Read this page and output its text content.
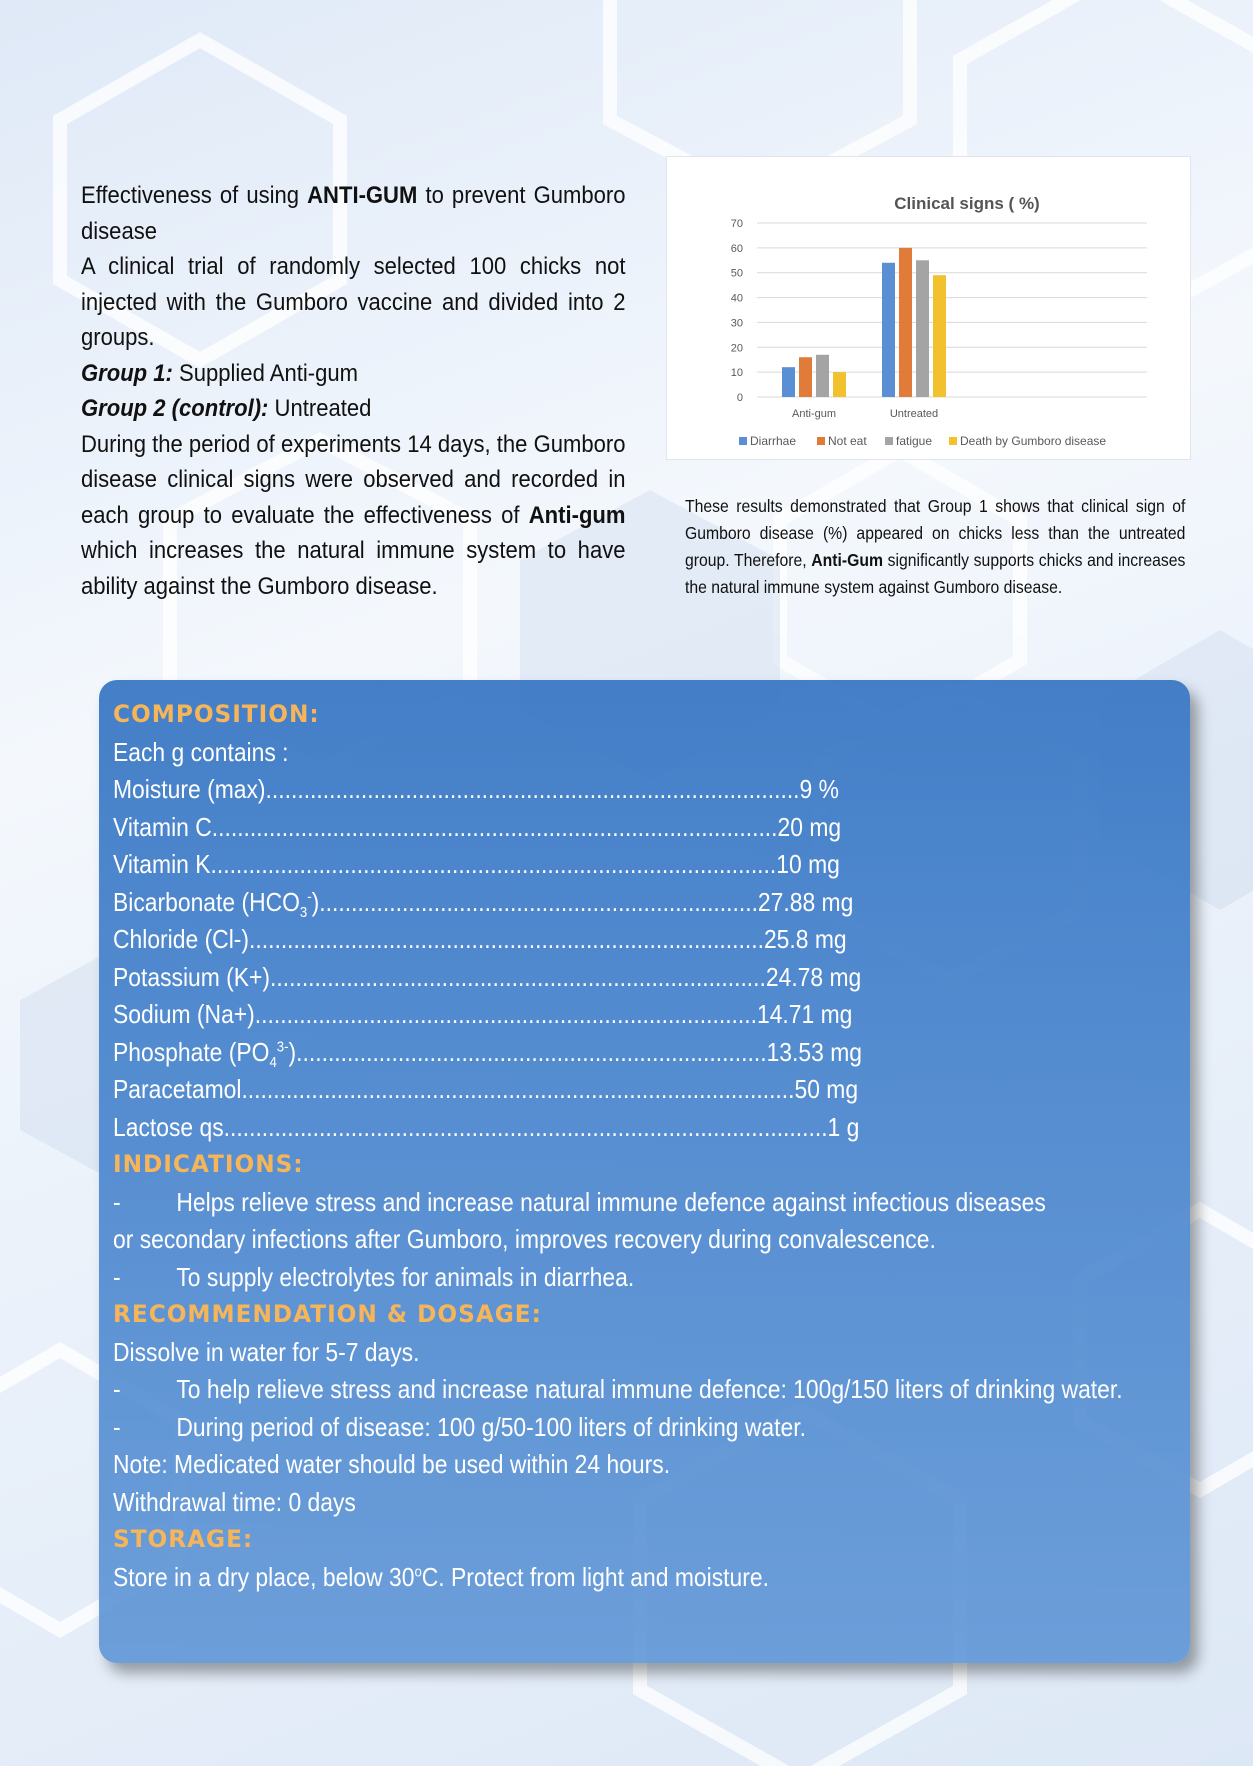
Effectiveness of using ANTI-GUM to prevent Gumboro disease

A clinical trial of randomly selected 100 chicks not injected with the Gumboro vaccine and divided into 2 groups.

Group 1: Supplied Anti-gum

Group 2 (control): Untreated

During the period of experiments 14 days, the Gumboro disease clinical signs were observed and recorded in each group to evaluate the effectiveness of Anti-gum which increases the natural immune system to have ability against the Gumboro disease.

Clinical signs ( %)
0
10
20
30
40
50
60
70
Anti-gum	Untreated
Diarrhae	Not eat fatigue Death by Gumboro disease

These results demonstrated that Group 1 shows that clinical sign of Gumboro disease (%) appeared on chicks less than the untreated group. Therefore, Anti-Gum significantly supports chicks and increases the natural immune system against Gumboro disease.

COMPOSITION:
Each g contains :
Moisture (max)....................................................................................9 %
Vitamin C.........................................................................................20 mg
Vitamin K.........................................................................................10 mg
Bicarbonate $(HCO_3^-).....................................................................27.88$ mg
Chloride (Cl-).................................................................................25.8 mg
Potassium (K+)..............................................................................24.78 mg
Sodium (Na+)...............................................................................14.71 mg
Phosphate $(PO_4^{3-})..........................................................................13.53$ mg
Paracetamol.......................................................................................50 mg
Lactose qs...............................................................................................1 g
INDICATIONS:
- Helps relieve stress and increase natural immune defence against infectious diseases or secondary infections after Gumboro, improves recovery during convalescence.
- To supply electrolytes for animals in diarrhea.
RECOMMENDATION & DOSAGE:
Dissolve in water for 5-7 days.
- To help relieve stress and increase natural immune defence: 100g/150 liters of drinking water.
- During period of disease: 100 g/50-100 liters of drinking water.
Note: Medicated water should be used within 24 hours.
Withdrawal time: 0 days
STORAGE:
Store in a dry place, below 30$^o$C. Protect from light and moisture.
